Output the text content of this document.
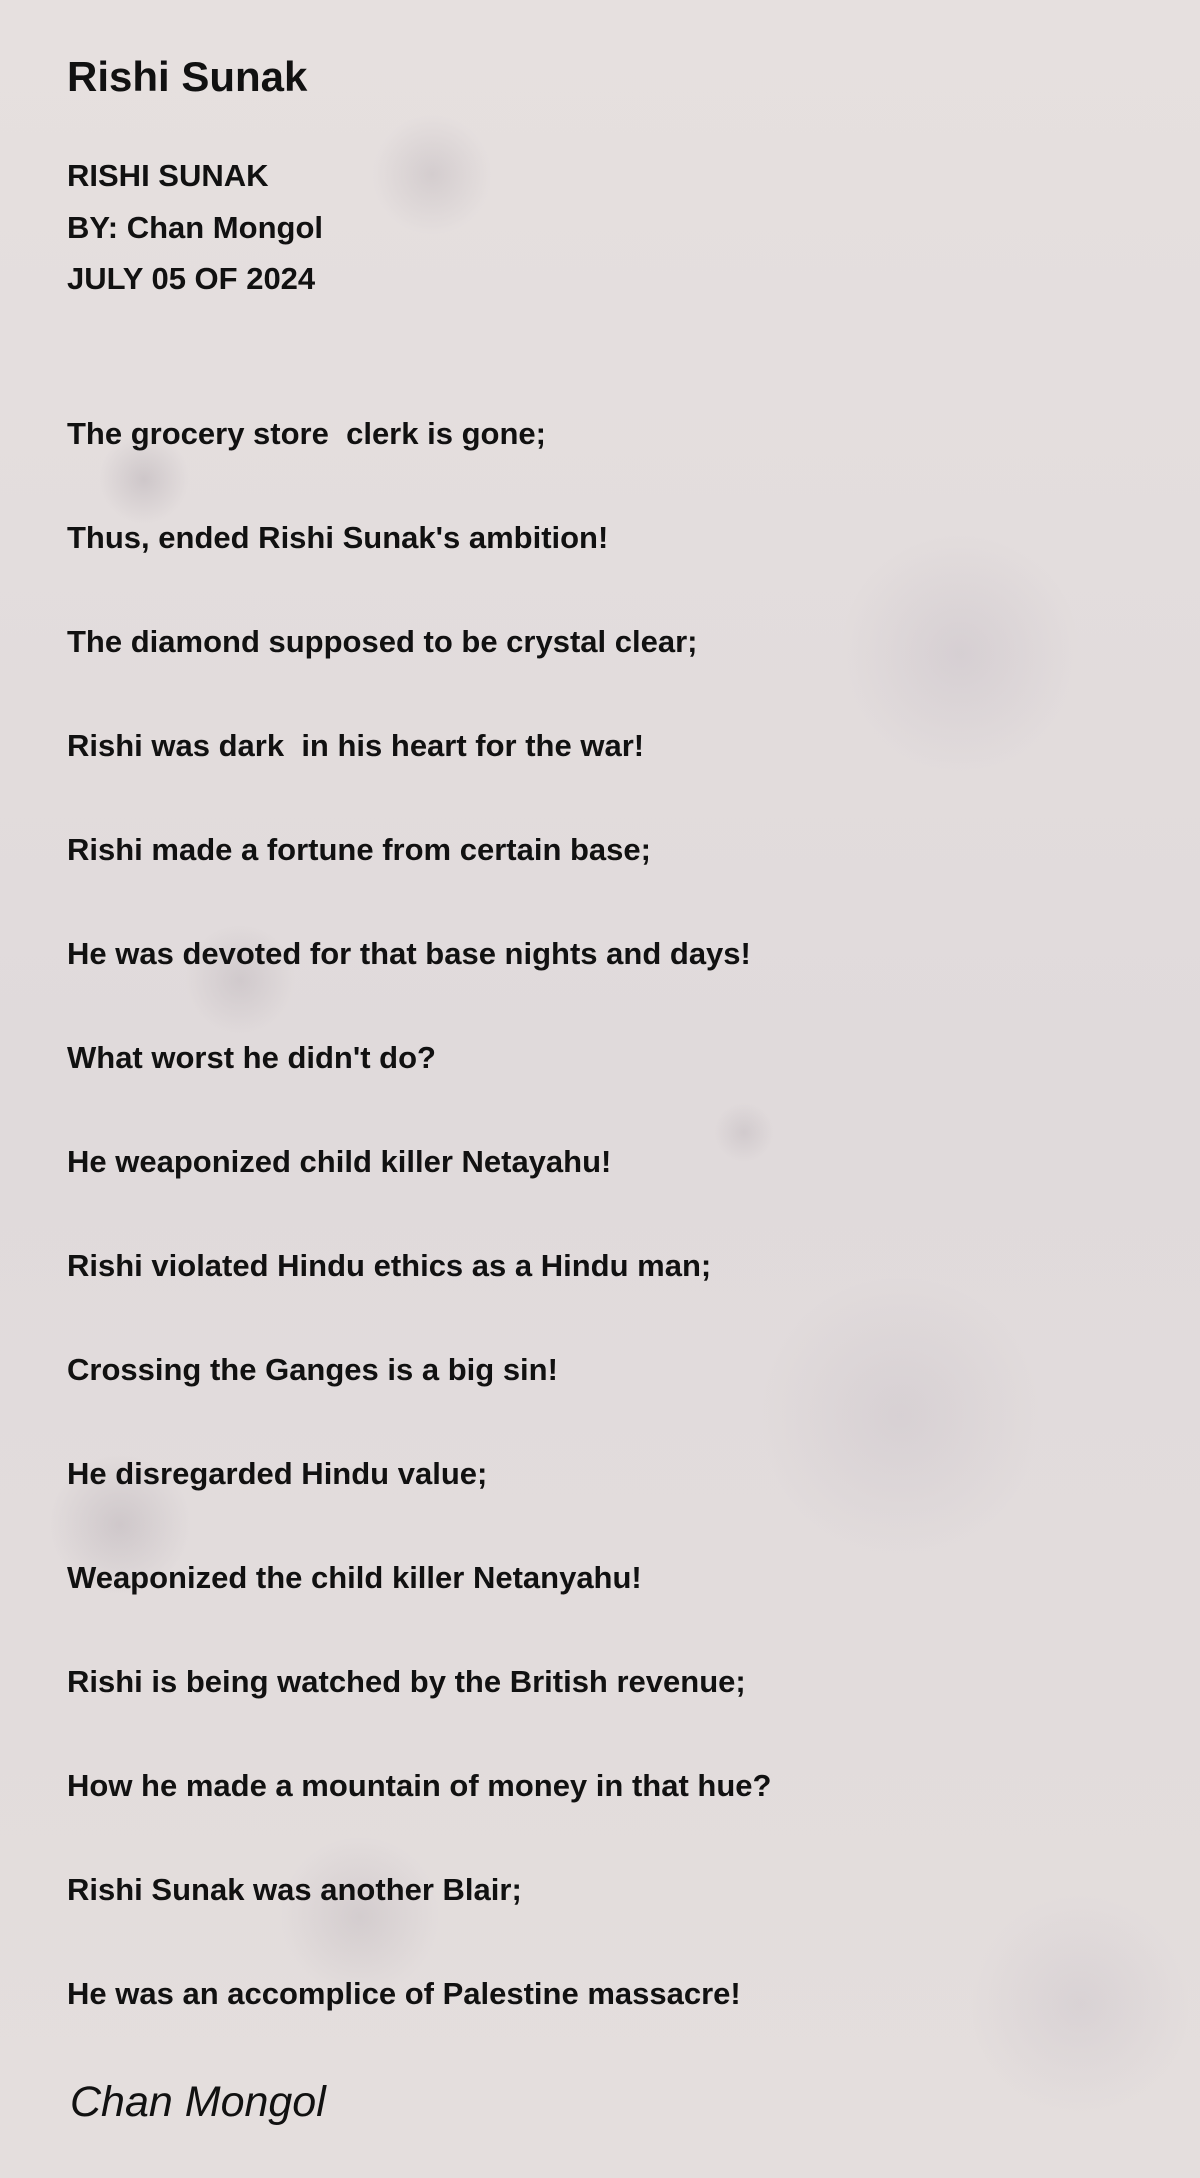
Rishi Sunak
RISHI SUNAK
BY: Chan Mongol
JULY 05 OF 2024
The grocery store  clerk is gone;
Thus, ended Rishi Sunak's ambition!
The diamond supposed to be crystal clear;
Rishi was dark  in his heart for the war!
Rishi made a fortune from certain base;
He was devoted for that base nights and days!
What worst he didn't do?
He weaponized child killer Netayahu!
Rishi violated Hindu ethics as a Hindu man;
Crossing the Ganges is a big sin!
He disregarded Hindu value;
Weaponized the child killer Netanyahu!
Rishi is being watched by the British revenue;
How he made a mountain of money in that hue?
Rishi Sunak was another Blair;
He was an accomplice of Palestine massacre!

Chan Mongol
